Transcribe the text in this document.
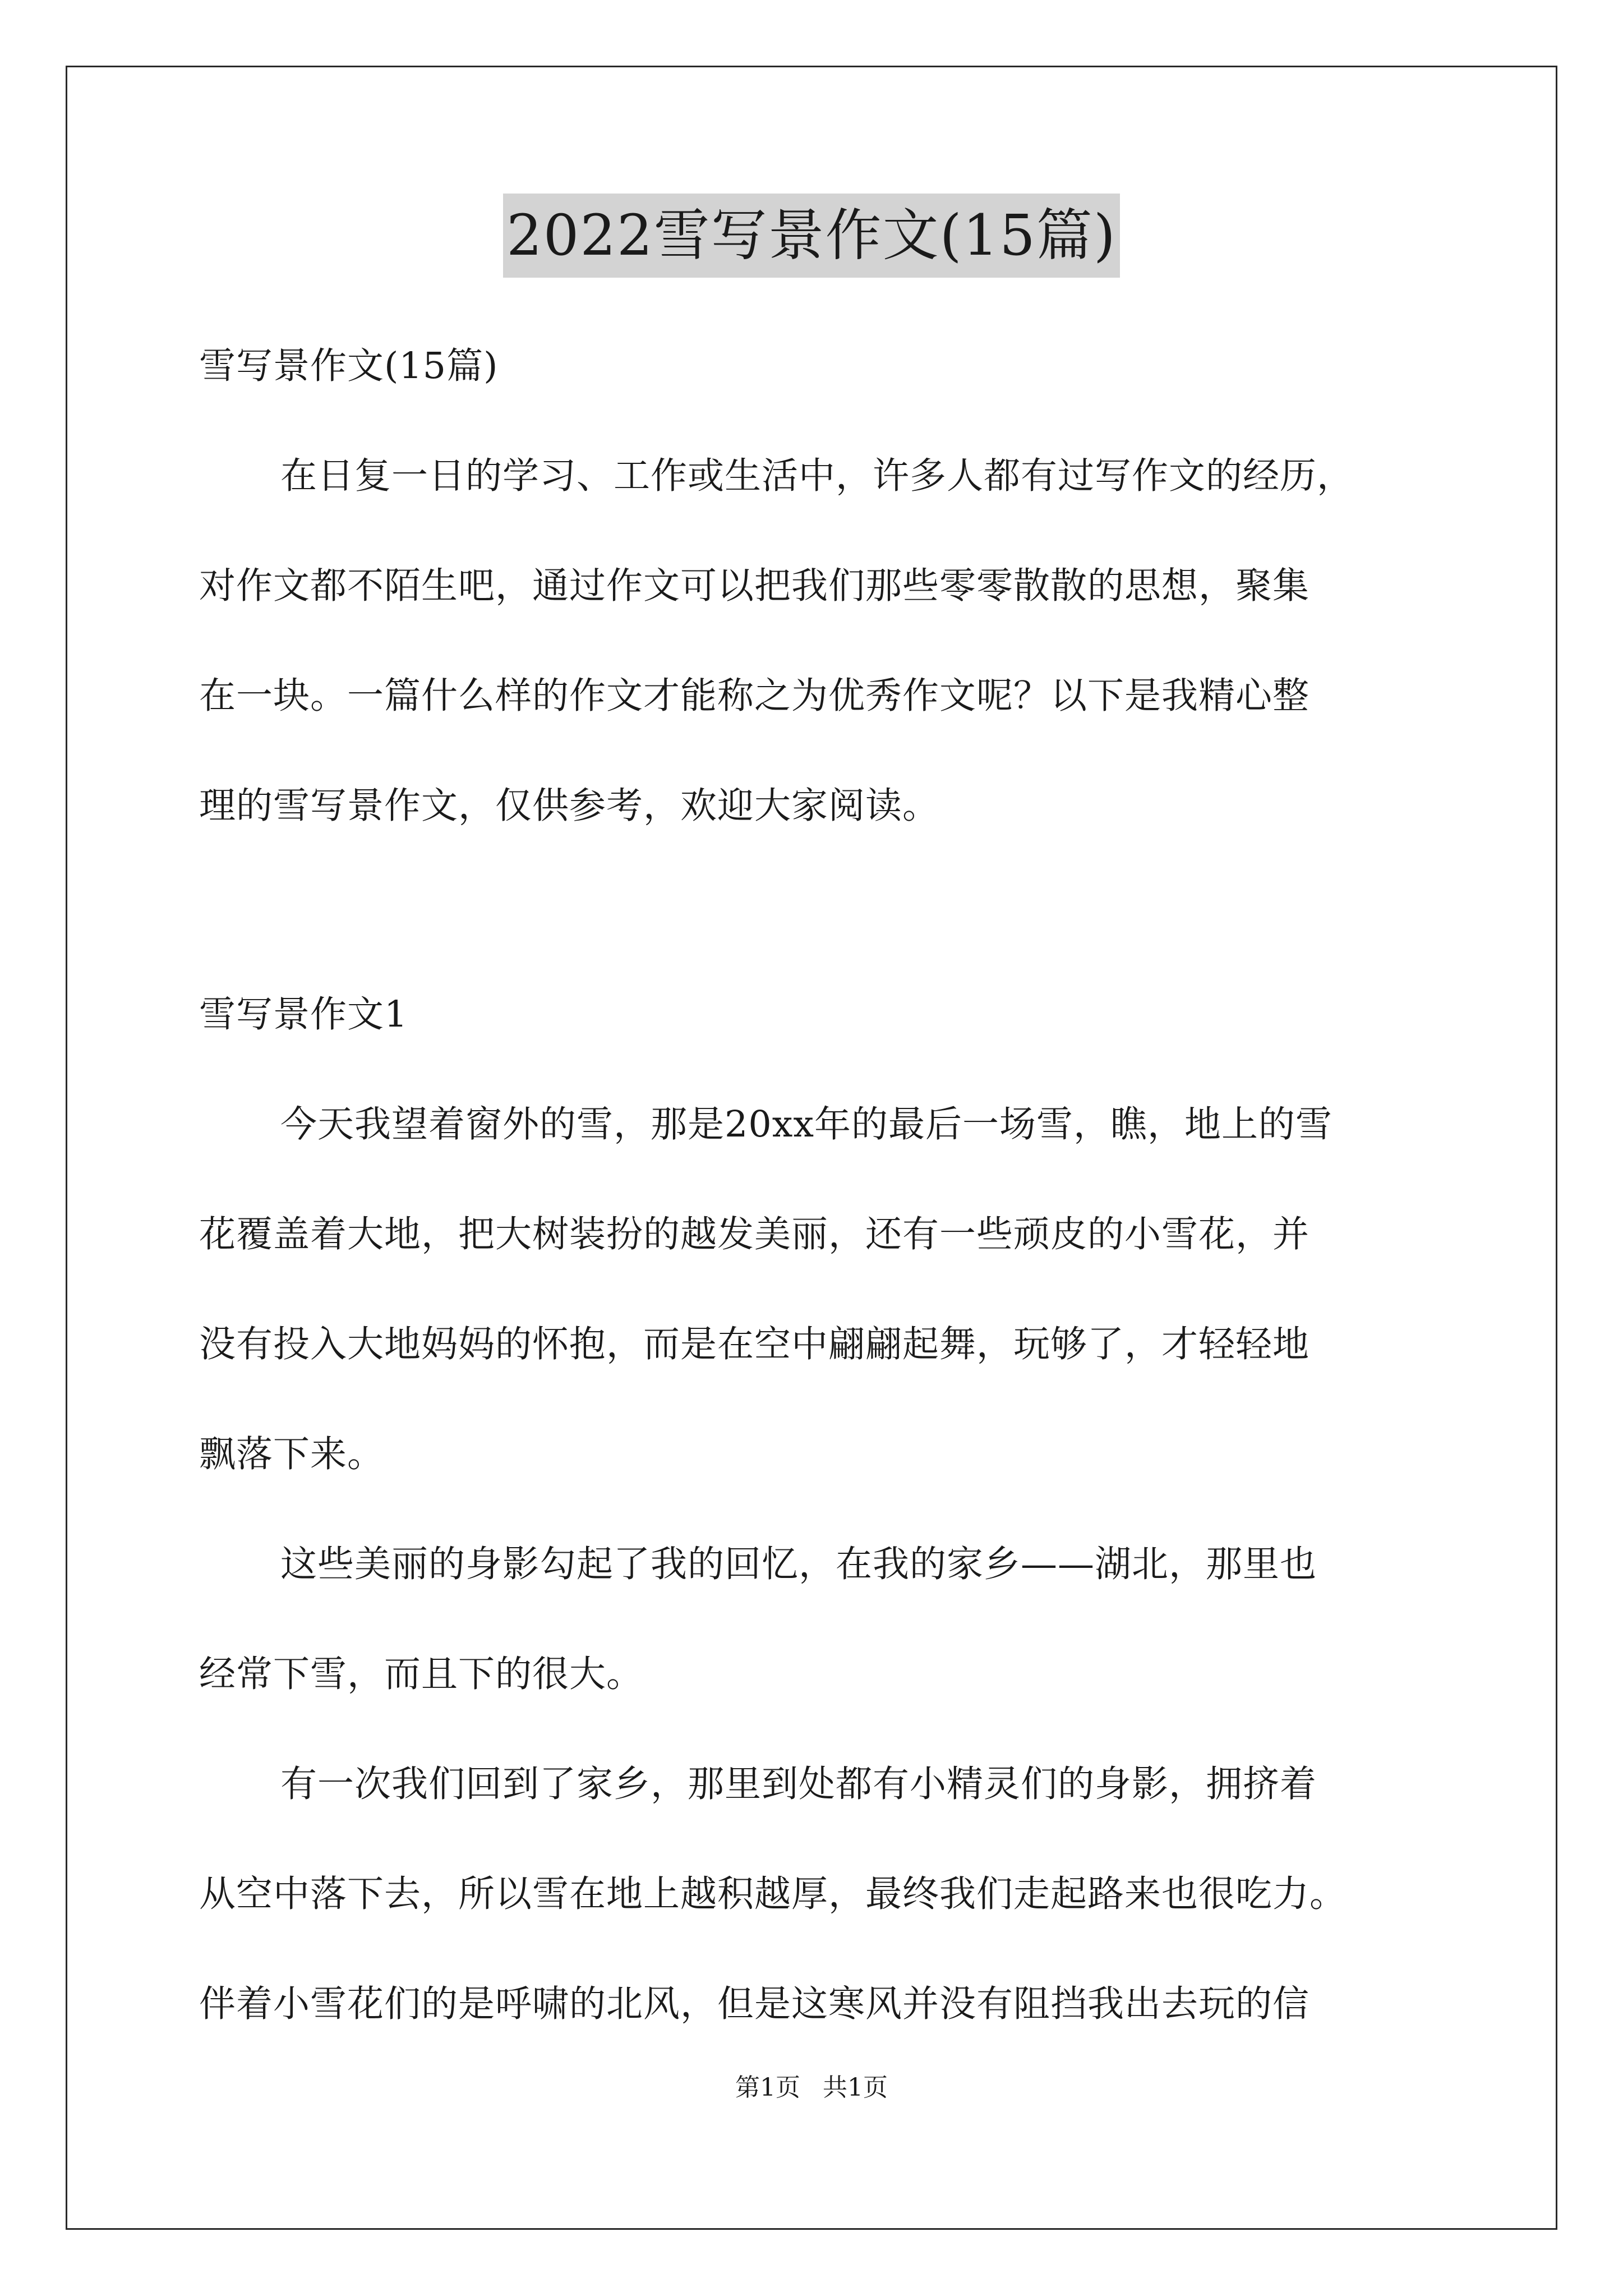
2022雪写景作文(15篇)
雪写景作文(15篇)
在日复一日的学习、工作或生活中，许多人都有过写作文的经历，
对作文都不陌生吧，通过作文可以把我们那些零零散散的思想，聚集
在一块。一篇什么样的作文才能称之为优秀作文呢？以下是我精心整
理的雪写景作文，仅供参考，欢迎大家阅读。
雪写景作文1
今天我望着窗外的雪，那是20xx年的最后一场雪，瞧，地上的雪
花覆盖着大地，把大树装扮的越发美丽，还有一些顽皮的小雪花，并
没有投入大地妈妈的怀抱，而是在空中翩翩起舞，玩够了，才轻轻地
飘落下来。
这些美丽的身影勾起了我的回忆，在我的家乡——湖北，那里也
经常下雪，而且下的很大。
有一次我们回到了家乡，那里到处都有小精灵们的身影，拥挤着
从空中落下去，所以雪在地上越积越厚，最终我们走起路来也很吃力。
伴着小雪花们的是呼啸的北风，但是这寒风并没有阻挡我出去玩的信
第1页 共1页
